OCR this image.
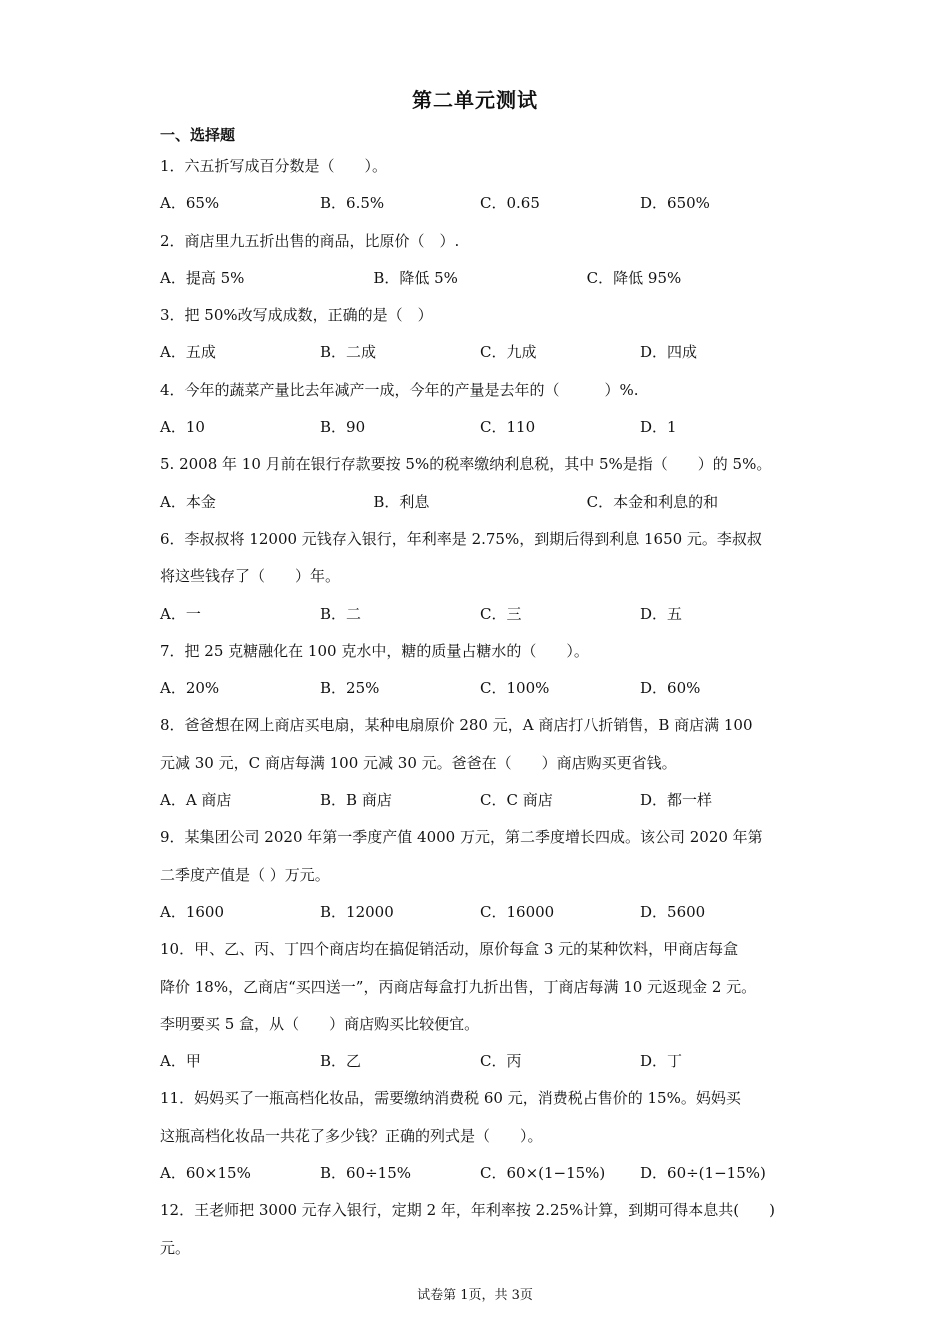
第二单元测试
一、选择题
1．六五折写成百分数是（　　）。
A．65%	B．6.5%	C．0.65	D．650%
2．商店里九五折出售的商品，比原价（　）.
A．提高 5%	B．降低 5%	C．降低 95%
3．把 50%改写成成数，正确的是（　）
A．五成	B．二成	C．九成	D．四成
4．今年的蔬菜产量比去年减产一成，今年的产量是去年的（　　　）%.
A．10	B．90	C．110	D．1
5. 2008 年 10 月前在银行存款要按 5%的税率缴纳利息税，其中 5%是指（　　）的 5%。
A．本金	B．利息	C．本金和利息的和
6．李叔叔将 12000 元钱存入银行，年利率是 2.75%，到期后得到利息 1650 元。李叔叔
将这些钱存了（　　）年。
A．一	B．二	C．三	D．五
7．把 25 克糖融化在 100 克水中，糖的质量占糖水的（　　）。
A．20%	B．25%	C．100%	D．60%
8．爸爸想在网上商店买电扇，某种电扇原价 280 元，A 商店打八折销售，B 商店满 100
元减 30 元，C 商店每满 100 元减 30 元。爸爸在（　　）商店购买更省钱。
A．A 商店	B．B 商店	C．C 商店	D．都一样
9．某集团公司 2020 年第一季度产值 4000 万元，第二季度增长四成。该公司 2020 年第
二季度产值是（ ）万元。
A．1600	B．12000	C．16000	D．5600
10．甲、乙、丙、丁四个商店均在搞促销活动，原价每盒 3 元的某种饮料，甲商店每盒
降价 18%，乙商店“买四送一”，丙商店每盒打九折出售，丁商店每满 10 元返现金 2 元。
李明要买 5 盒，从（　　）商店购买比较便宜。
A．甲	B．乙	C．丙	D．丁
11．妈妈买了一瓶高档化妆品，需要缴纳消费税 60 元，消费税占售价的 15%。妈妈买
这瓶高档化妆品一共花了多少钱？正确的列式是（　　）。
A．60×15%	B．60÷15%	C．60×(1−15%)	D．60÷(1−15%)
12．王老师把 3000 元存入银行，定期 2 年，年利率按 2.25%计算，到期可得本息共(　　)
元。
试卷第 1页，共 3页
